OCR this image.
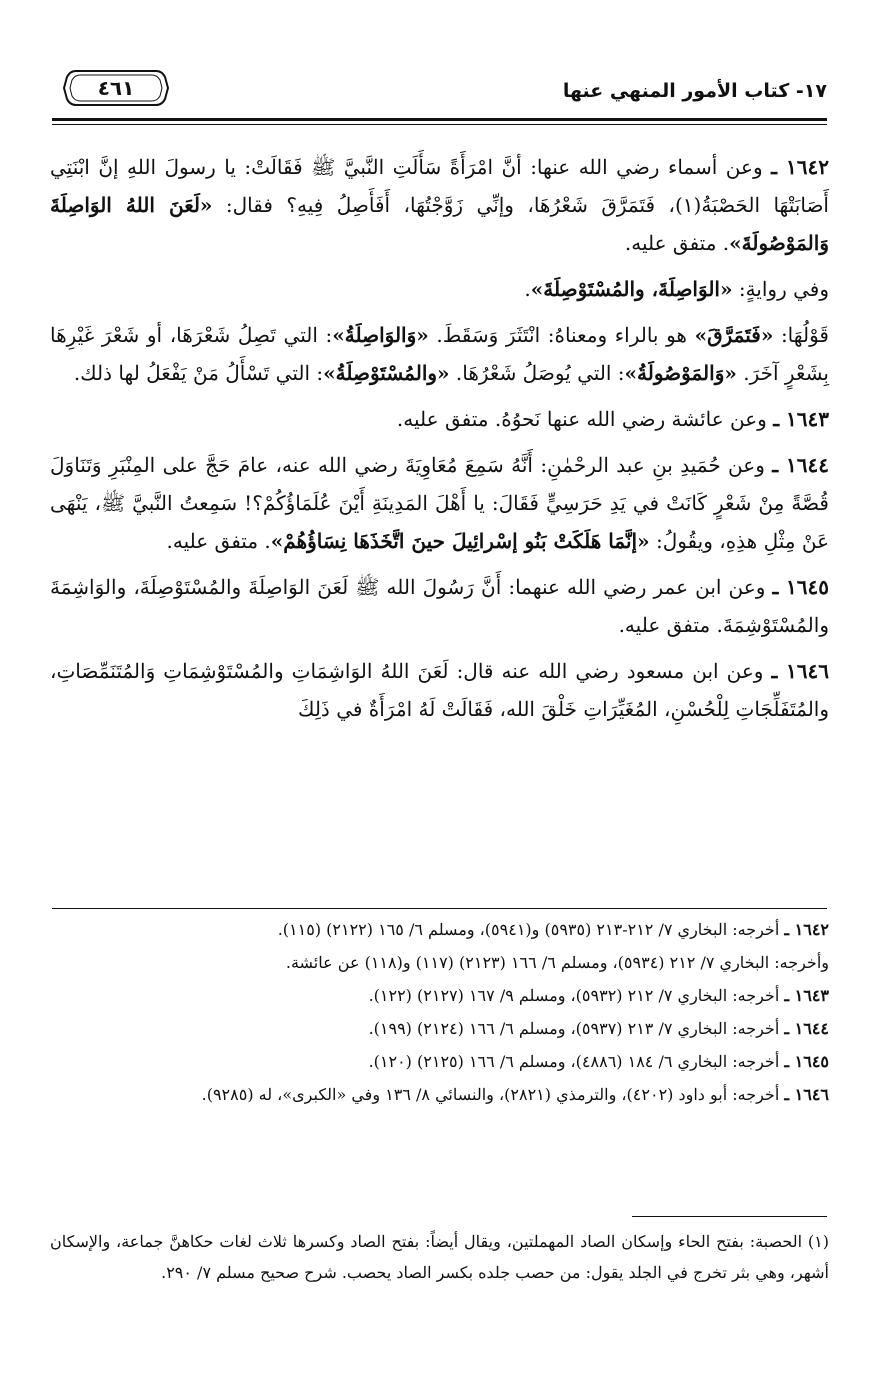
١٧- كتاب الأمور المنهي عنها
٤٦١

١٦٤٢ ـ وعن أسماء رضي الله عنها: أنَّ امْرَأَةً سَأَلَتِ النَّبيَّ ﷺ فَقَالَتْ: يا رسولَ اللهِ إنَّ ابْنَتِي أَصَابَتْهَا الحَصْبَةُ(١)، فَتَمَرَّقَ شَعْرُهَا، وإنِّي زَوَّجْتُهَا، أَفَأَصِلُ فِيهِ؟ فقال: «لَعَنَ اللهُ الوَاصِلَةَ وَالمَوْصُولَةَ». متفق عليه.

وفي روايةٍ: «الوَاصِلَةَ، والمُسْتَوْصِلَةَ».

قَوْلُهَا: «فَتَمَرَّقَ» هو بالراء ومعناهُ: انْتَثَرَ وَسَقَطَ. «وَالوَاصِلَةُ»: التي تَصِلُ شَعْرَهَا، أو شَعْرَ غَيْرِهَا بِشَعْرٍ آخَرَ. «وَالمَوْصُولَةُ»: التي يُوصَلُ شَعْرُهَا. «والمُسْتَوْصِلَةُ»: التي تَسْأَلُ مَنْ يَفْعَلُ لها ذلك.

١٦٤٣ ـ وعن عائشة رضي الله عنها نَحوُهُ. متفق عليه.

١٦٤٤ ـ وعن حُمَيدِ بنِ عبد الرحْمٰنِ: أَنَّهُ سَمِعَ مُعَاوِيَةَ رضي الله عنه، عامَ حَجَّ على المِنْبَرِ وَتَنَاوَلَ قُصَّةً مِنْ شَعْرٍ كَانَتْ في يَدِ حَرَسِيٍّ فَقَالَ: يا أَهْلَ المَدِينَةِ أَيْنَ عُلَمَاؤُكُمْ؟! سَمِعتُ النَّبيَّ ﷺ، يَنْهَى عَنْ مِثْلِ هذِهِ، ويقُولُ: «إنَّمَا هَلَكَتْ بَنُو إسْرائِيلَ حينَ اتَّخَذَهَا نِسَاؤُهُمْ». متفق عليه.

١٦٤٥ ـ وعن ابن عمر رضي الله عنهما: أَنَّ رَسُولَ الله ﷺ لَعَنَ الوَاصِلَةَ والمُسْتَوْصِلَةَ، والوَاشِمَةَ والمُسْتَوْشِمَةَ. متفق عليه.

١٦٤٦ ـ وعن ابن مسعود رضي الله عنه قال: لَعَنَ اللهُ الوَاشِمَاتِ والمُسْتَوْشِمَاتِ وَالمُتَنَمِّصَاتِ، والمُتَفَلِّجَاتِ لِلْحُسْنِ، المُغَيِّرَاتِ خَلْقَ الله، فَقَالَتْ لَهُ امْرَأَةٌ في ذَلِكَ

١٦٤٢ ـ أخرجه: البخاري ٧/ ٢١٢-٢١٣ (٥٩٣٥) و(٥٩٤١)، ومسلم ٦/ ١٦٥ (٢١٢٢) (١١٥).

وأخرجه: البخاري ٧/ ٢١٢ (٥٩٣٤)، ومسلم ٦/ ١٦٦ (٢١٢٣) (١١٧) و(١١٨) عن عائشة.

١٦٤٣ ـ أخرجه: البخاري ٧/ ٢١٢ (٥٩٣٢)، ومسلم ٩/ ١٦٧ (٢١٢٧) (١٢٢).

١٦٤٤ ـ أخرجه: البخاري ٧/ ٢١٣ (٥٩٣٧)، ومسلم ٦/ ١٦٦ (٢١٢٤) (١٩٩).

١٦٤٥ ـ أخرجه: البخاري ٦/ ١٨٤ (٤٨٨٦)، ومسلم ٦/ ١٦٦ (٢١٢٥) (١٢٠).

١٦٤٦ ـ أخرجه: أبو داود (٤٢٠٢)، والترمذي (٢٨٢١)، والنسائي ٨/ ١٣٦ وفي «الكبرى»، له (٩٢٨٥).

(١) الحصبة: بفتح الحاء وإسكان الصاد المهملتين، ويقال أيضاً: بفتح الصاد وكسرها ثلاث لغات حكاهنَّ جماعة، والإسكان أشهر، وهي بثر تخرج في الجلد يقول: من حصب جلده بكسر الصاد يحصب. شرح صحيح مسلم ٧/ ٢٩٠.
